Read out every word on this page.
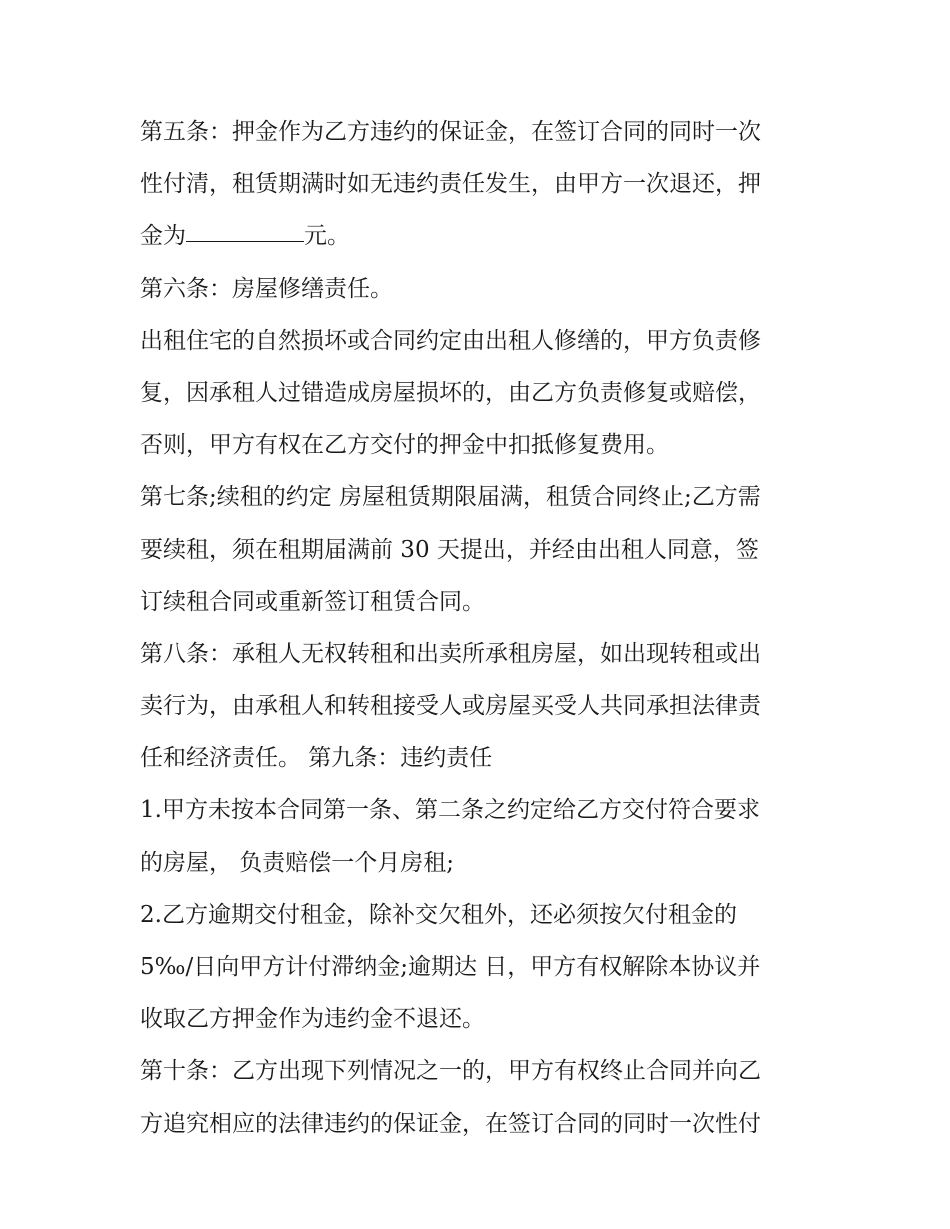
第五条：押金作为乙方违约的保证金，在签订合同的同时一次
性付清，租赁期满时如无违约责任发生，由甲方一次退还，押
金为	元。
第六条：房屋修缮责任。
出租住宅的自然损坏或合同约定由出租人修缮的，甲方负责修
复，因承租人过错造成房屋损坏的，由乙方负责修复或赔偿，
否则，甲方有权在乙方交付的押金中扣抵修复费用。
第七条;续租的约定 房屋租赁期限届满，租赁合同终止;乙方需
要续租，须在租期届满前 30 天提出，并经由出租人同意，签
订续租合同或重新签订租赁合同。
第八条：承租人无权转租和出卖所承租房屋，如出现转租或出
卖行为，由承租人和转租接受人或房屋买受人共同承担法律责
任和经济责任。 第九条：违约责任
1.甲方未按本合同第一条、第二条之约定给乙方交付符合要求
的房屋， 负责赔偿一个月房租;
2.乙方逾期交付租金，除补交欠租外，还必须按欠付租金的
5‰/日向甲方计付滞纳金;逾期达 日，甲方有权解除本协议并
收取乙方押金作为违约金不退还。
第十条：乙方出现下列情况之一的，甲方有权终止合同并向乙
方追究相应的法律违约的保证金，在签订合同的同时一次性付
